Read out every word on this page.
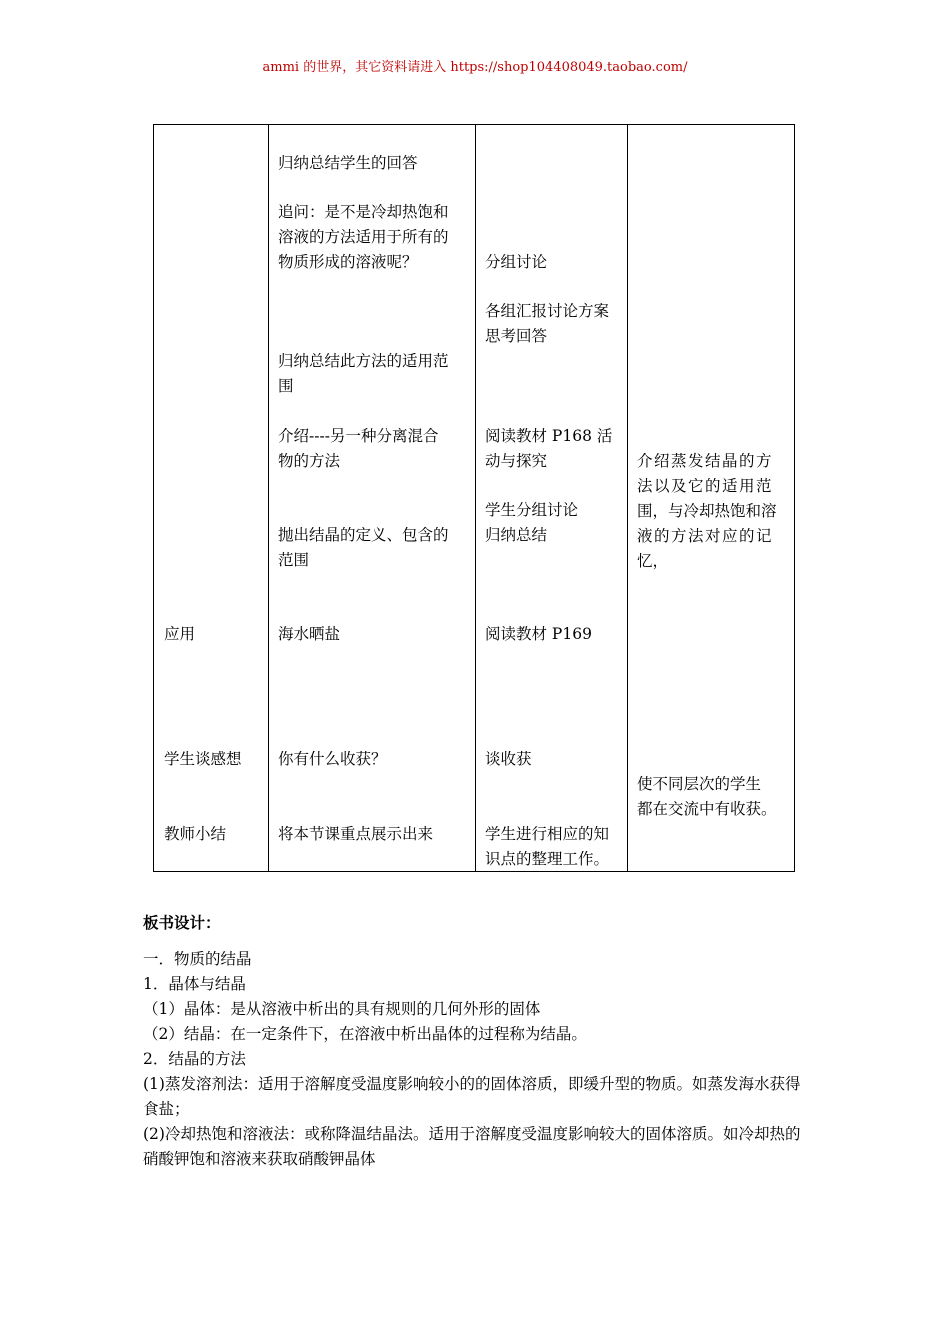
ammi 的世界，其它资料请进入 https://shop104408049.taobao.com/
应用
学生谈感想
教师小结
归纳总结学生的回答
追问：是不是冷却热饱和
溶液的方法适用于所有的
物质形成的溶液呢？
归纳总结此方法的适用范
围
介绍----另一种分离混合
物的方法
抛出结晶的定义、包含的
范围
海水晒盐
你有什么收获？
将本节课重点展示出来
分组讨论
各组汇报讨论方案
思考回答
阅读教材 P168 活
动与探究
学生分组讨论
归纳总结
阅读教材 P169
谈收获
学生进行相应的知
识点的整理工作。
介绍蒸发结晶的方
法以及它的适用范
围，与冷却热饱和溶
液的方法对应的记
忆，
使不同层次的学生
都在交流中有收获。
板书设计：
一．物质的结晶
1．晶体与结晶
（1）晶体：是从溶液中析出的具有规则的几何外形的固体
（2）结晶：在一定条件下，在溶液中析出晶体的过程称为结晶。
2．结晶的方法
(1)蒸发溶剂法：适用于溶解度受温度影响较小的的固体溶质，即缓升型的物质。如蒸发海水获得食盐；
(2)冷却热饱和溶液法：或称降温结晶法。适用于溶解度受温度影响较大的固体溶质。如冷却热的硝酸钾饱和溶液来获取硝酸钾晶体
